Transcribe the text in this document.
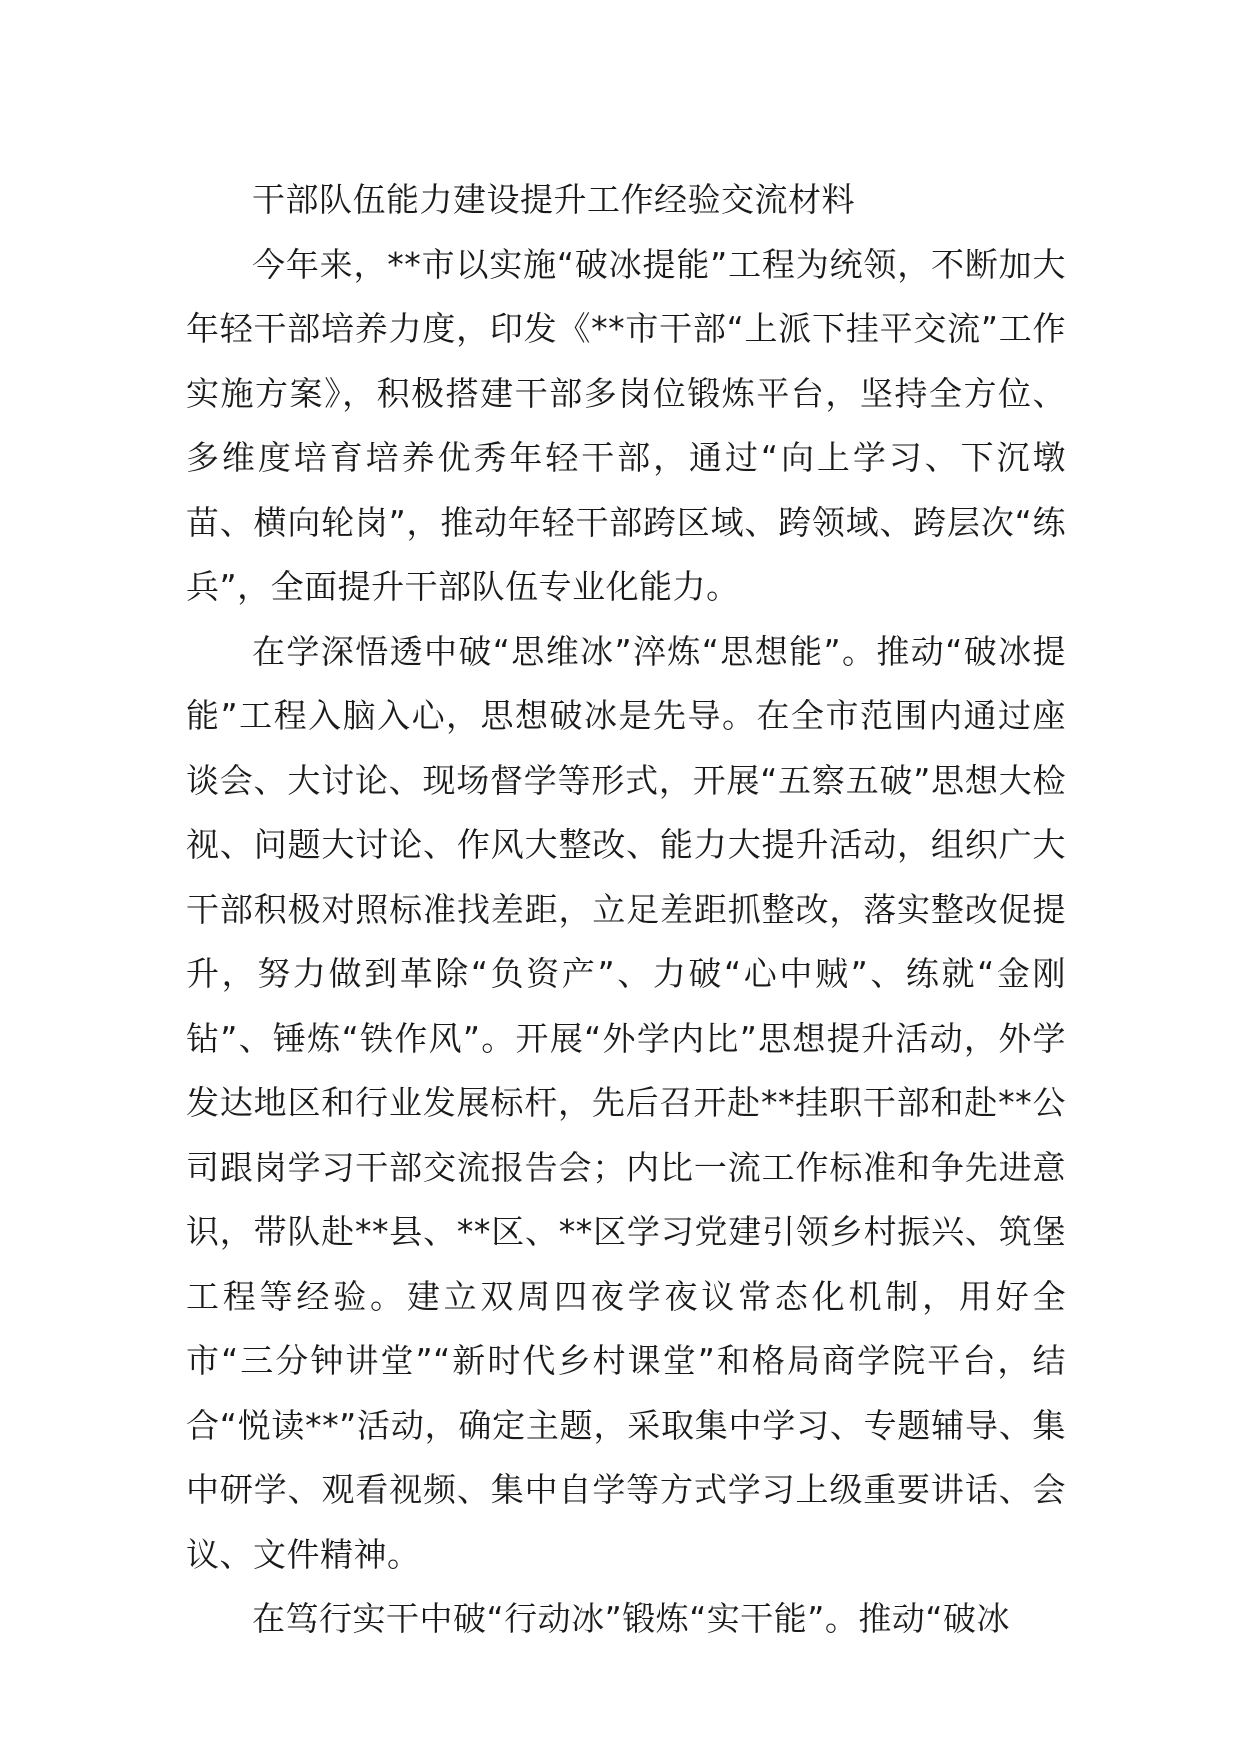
干部队伍能力建设提升工作经验交流材料

今年来，**市以实施“破冰提能”工程为统领，不断加大年轻干部培养力度，印发《**市干部“上派下挂平交流”工作实施方案》，积极搭建干部多岗位锻炼平台，坚持全方位、多维度培育培养优秀年轻干部，通过“向上学习、下沉墩苗、横向轮岗”，推动年轻干部跨区域、跨领域、跨层次“练兵”，全面提升干部队伍专业化能力。

在学深悟透中破“思维冰”淬炼“思想能”。推动“破冰提能”工程入脑入心，思想破冰是先导。在全市范围内通过座谈会、大讨论、现场督学等形式，开展“五察五破”思想大检视、问题大讨论、作风大整改、能力大提升活动，组织广大干部积极对照标准找差距，立足差距抓整改，落实整改促提升，努力做到革除“负资产”、力破“心中贼”、练就“金刚钻”、锤炼“铁作风”。开展“外学内比”思想提升活动，外学发达地区和行业发展标杆，先后召开赴**挂职干部和赴**公司跟岗学习干部交流报告会；内比一流工作标准和争先进意识，带队赴**县、**区、**区学习党建引领乡村振兴、筑堡工程等经验。建立双周四夜学夜议常态化机制，用好全市“三分钟讲堂”“新时代乡村课堂”和格局商学院平台，结合“悦读**”活动，确定主题，采取集中学习、专题辅导、集中研学、观看视频、集中自学等方式学习上级重要讲话、会议、文件精神。

在笃行实干中破“行动冰”锻炼“实干能”。推动“破冰
